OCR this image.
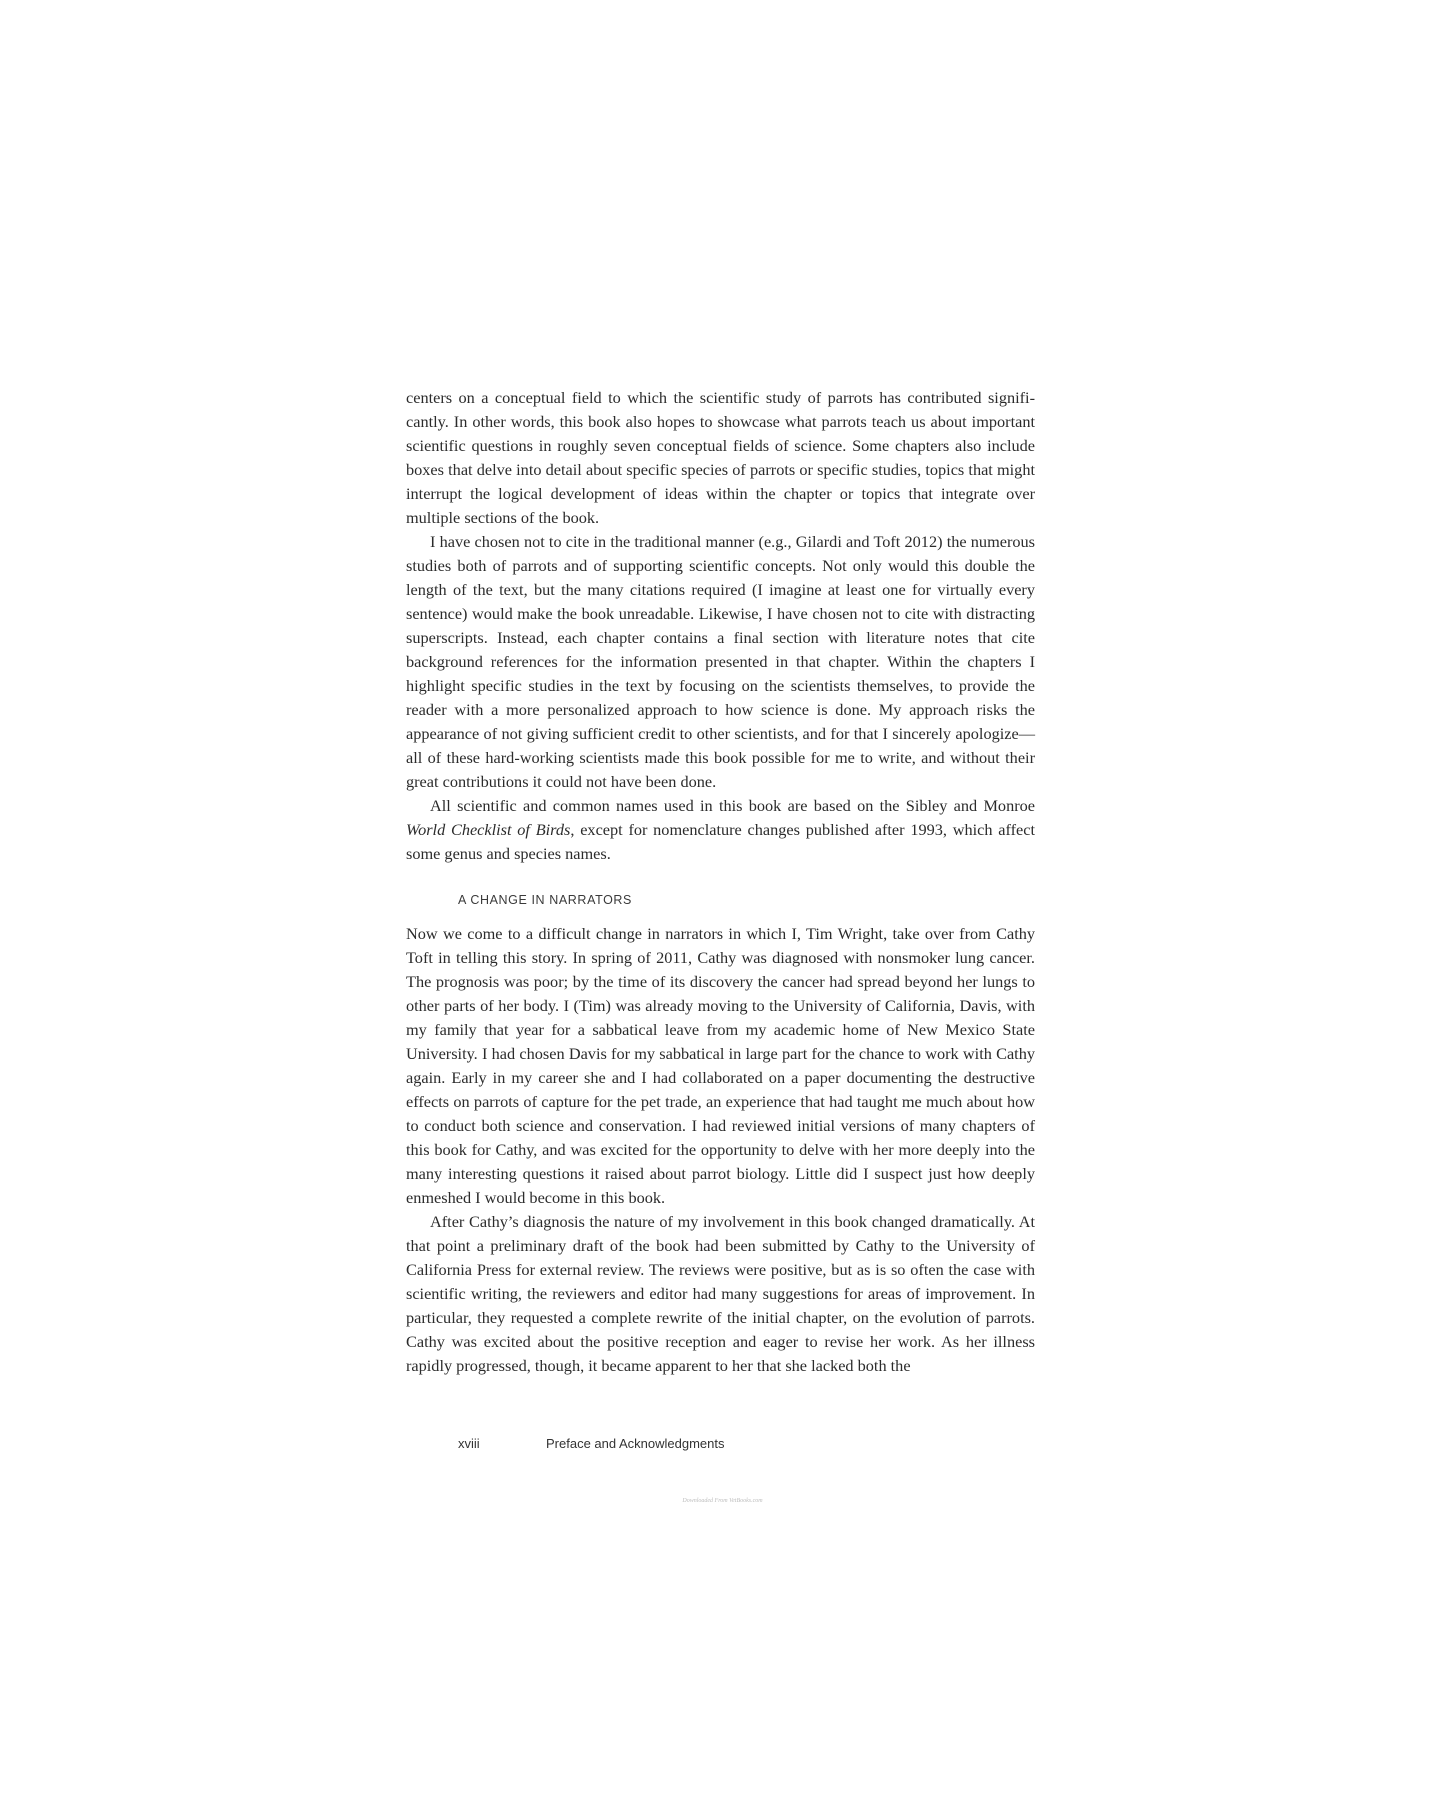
centers on a conceptual field to which the scientific study of parrots has contributed significantly. In other words, this book also hopes to showcase what parrots teach us about important scientific questions in roughly seven conceptual fields of science. Some chapters also include boxes that delve into detail about specific species of parrots or specific studies, topics that might interrupt the logical development of ideas within the chapter or topics that integrate over multiple sections of the book.

I have chosen not to cite in the traditional manner (e.g., Gilardi and Toft 2012) the numerous studies both of parrots and of supporting scientific concepts. Not only would this double the length of the text, but the many citations required (I imagine at least one for virtually every sentence) would make the book unreadable. Likewise, I have chosen not to cite with distracting superscripts. Instead, each chapter contains a final section with literature notes that cite background references for the information presented in that chapter. Within the chapters I highlight specific studies in the text by focusing on the scientists themselves, to provide the reader with a more personalized approach to how science is done. My approach risks the appearance of not giving sufficient credit to other scientists, and for that I sincerely apologize—all of these hard-working scientists made this book possible for me to write, and without their great contributions it could not have been done.

All scientific and common names used in this book are based on the Sibley and Monroe World Checklist of Birds, except for nomenclature changes published after 1993, which affect some genus and species names.

A CHANGE IN NARRATORS

Now we come to a difficult change in narrators in which I, Tim Wright, take over from Cathy Toft in telling this story. In spring of 2011, Cathy was diagnosed with nonsmoker lung cancer. The prognosis was poor; by the time of its discovery the cancer had spread beyond her lungs to other parts of her body. I (Tim) was already moving to the University of California, Davis, with my family that year for a sabbatical leave from my academic home of New Mexico State University. I had chosen Davis for my sabbatical in large part for the chance to work with Cathy again. Early in my career she and I had collaborated on a paper documenting the destructive effects on parrots of capture for the pet trade, an experience that had taught me much about how to conduct both science and conservation. I had reviewed initial versions of many chapters of this book for Cathy, and was excited for the opportunity to delve with her more deeply into the many interesting questions it raised about parrot biology. Little did I suspect just how deeply enmeshed I would become in this book.

After Cathy’s diagnosis the nature of my involvement in this book changed dramatically. At that point a preliminary draft of the book had been submitted by Cathy to the University of California Press for external review. The reviews were positive, but as is so often the case with scientific writing, the reviewers and editor had many suggestions for areas of improvement. In particular, they requested a complete rewrite of the initial chapter, on the evolution of parrots. Cathy was excited about the positive reception and eager to revise her work. As her illness rapidly progressed, though, it became apparent to her that she lacked both the

xviii	Preface and Acknowledgments
Downloaded From VetBooks.com
